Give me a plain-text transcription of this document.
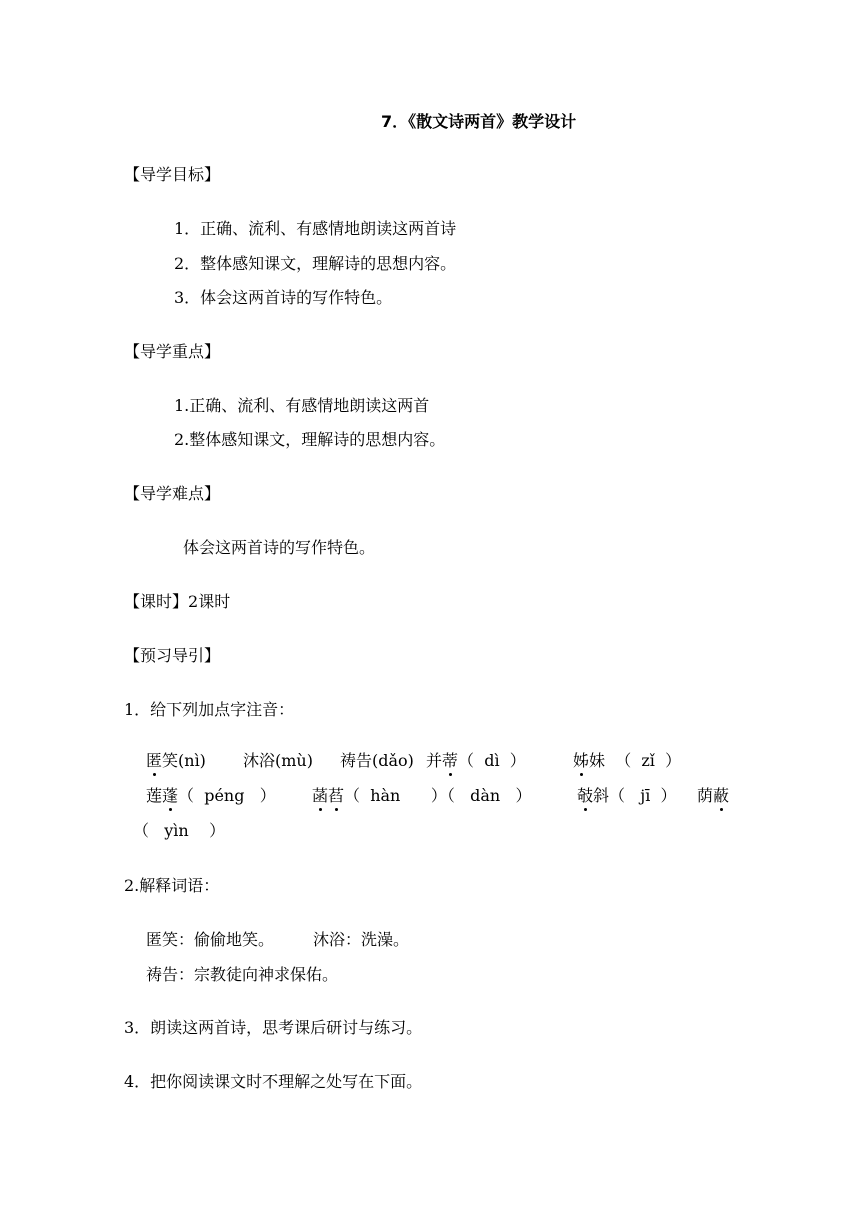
7．《散文诗两首》教学设计
【导学目标】
1．正确、流利、有感情地朗读这两首诗
2．整体感知课文，理解诗的思想内容。
3．体会这两首诗的写作特色。
【导学重点】
1.正确、流利、有感情地朗读这两首
2.整体感知课文，理解诗的思想内容。
【导学难点】
体会这两首诗的写作特色。
【课时】2课时
【预习导引】
1．给下列加点字注音：
匿笑(nì) 沐浴(mù) 祷告(dǎo) 并蒂（  dì  ）	姊妹  （  zǐ  ）
莲蓬（  péng   ） 菡萏（  hàn      ）（   dàn   ）	攲斜（   jī  ） 荫蔽
（   yìn    ）
2.解释词语：
匿笑：偷偷地笑。 沐浴：洗澡。
祷告：宗教徒向神求保佑。
3．朗读这两首诗，思考课后研讨与练习。
4．把你阅读课文时不理解之处写在下面。
